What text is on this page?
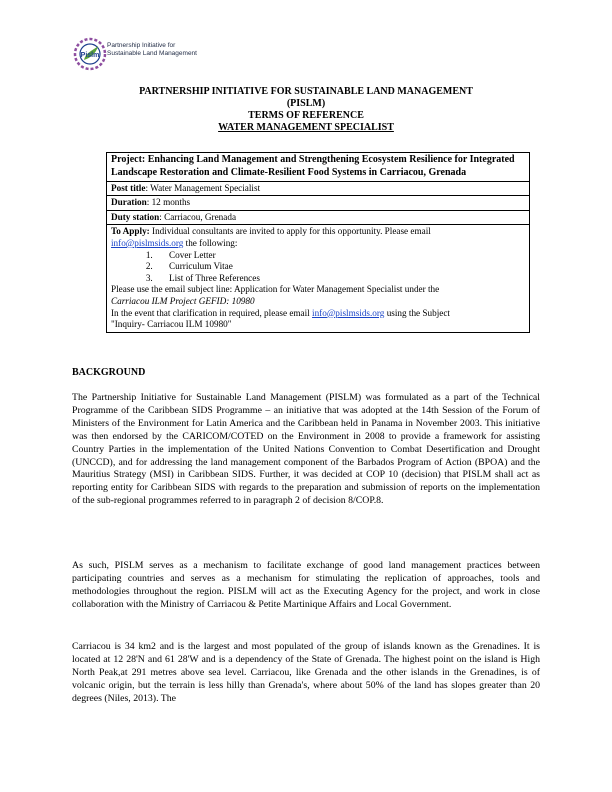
Pislm
Partnership Initiative for
Sustainable Land Management
PARTNERSHIP INITIATIVE FOR SUSTAINABLE LAND MANAGEMENT
(PISLM)
TERMS OF REFERENCE
WATER MANAGEMENT SPECIALIST
Project: Enhancing Land Management and Strengthening Ecosystem Resilience for Integrated Landscape Restoration and Climate-Resilient Food Systems in Carriacou, Grenada
Post title: Water Management Specialist
Duration: 12 months
Duty station: Carriacou, Grenada

To Apply: Individual consultants are invited to apply for this opportunity. Please email
info@pislmsids.org the following:
1. Cover Letter
2. Curriculum Vitae
3. List of Three References
Please use the email subject line: Application for Water Management Specialist under the
Carriacou ILM Project GEFID: 10980
In the event that clarification in required, please email info@pislmsids.org using the Subject
"Inquiry- Carriacou ILM 10980"
BACKGROUND
The Partnership Initiative for Sustainable Land Management (PISLM) was formulated as a part of the Technical Programme of the Caribbean SIDS Programme – an initiative that was adopted at the 14th Session of the Forum of Ministers of the Environment for Latin America and the Caribbean held in Panama in November 2003. This initiative was then endorsed by the CARICOM/COTED on the Environment in 2008 to provide a framework for assisting Country Parties in the implementation of the United Nations Convention to Combat Desertification and Drought (UNCCD), and for addressing the land management component of the Barbados Program of Action (BPOA) and the Mauritius Strategy (MSI) in Caribbean SIDS. Further, it was decided at COP 10 (decision) that PISLM shall act as reporting entity for Caribbean SIDS with regards to the preparation and submission of reports on the implementation of the sub-regional programmes referred to in paragraph 2 of decision 8/COP.8.
As such, PISLM serves as a mechanism to facilitate exchange of good land management practices between participating countries and serves as a mechanism for stimulating the replication of approaches, tools and methodologies throughout the region. PISLM will act as the Executing Agency for the project, and work in close collaboration with the Ministry of Carriacou & Petite Martinique Affairs and Local Government.
Carriacou is 34 km2 and is the largest and most populated of the group of islands known as the Grenadines. It is located at 12 28'N and 61 28'W and is a dependency of the State of Grenada. The highest point on the island is High North Peak,at 291 metres above sea level. Carriacou, like Grenada and the other islands in the Grenadines, is of volcanic origin, but the terrain is less hilly than Grenada's, where about 50% of the land has slopes greater than 20 degrees (Niles, 2013). The
